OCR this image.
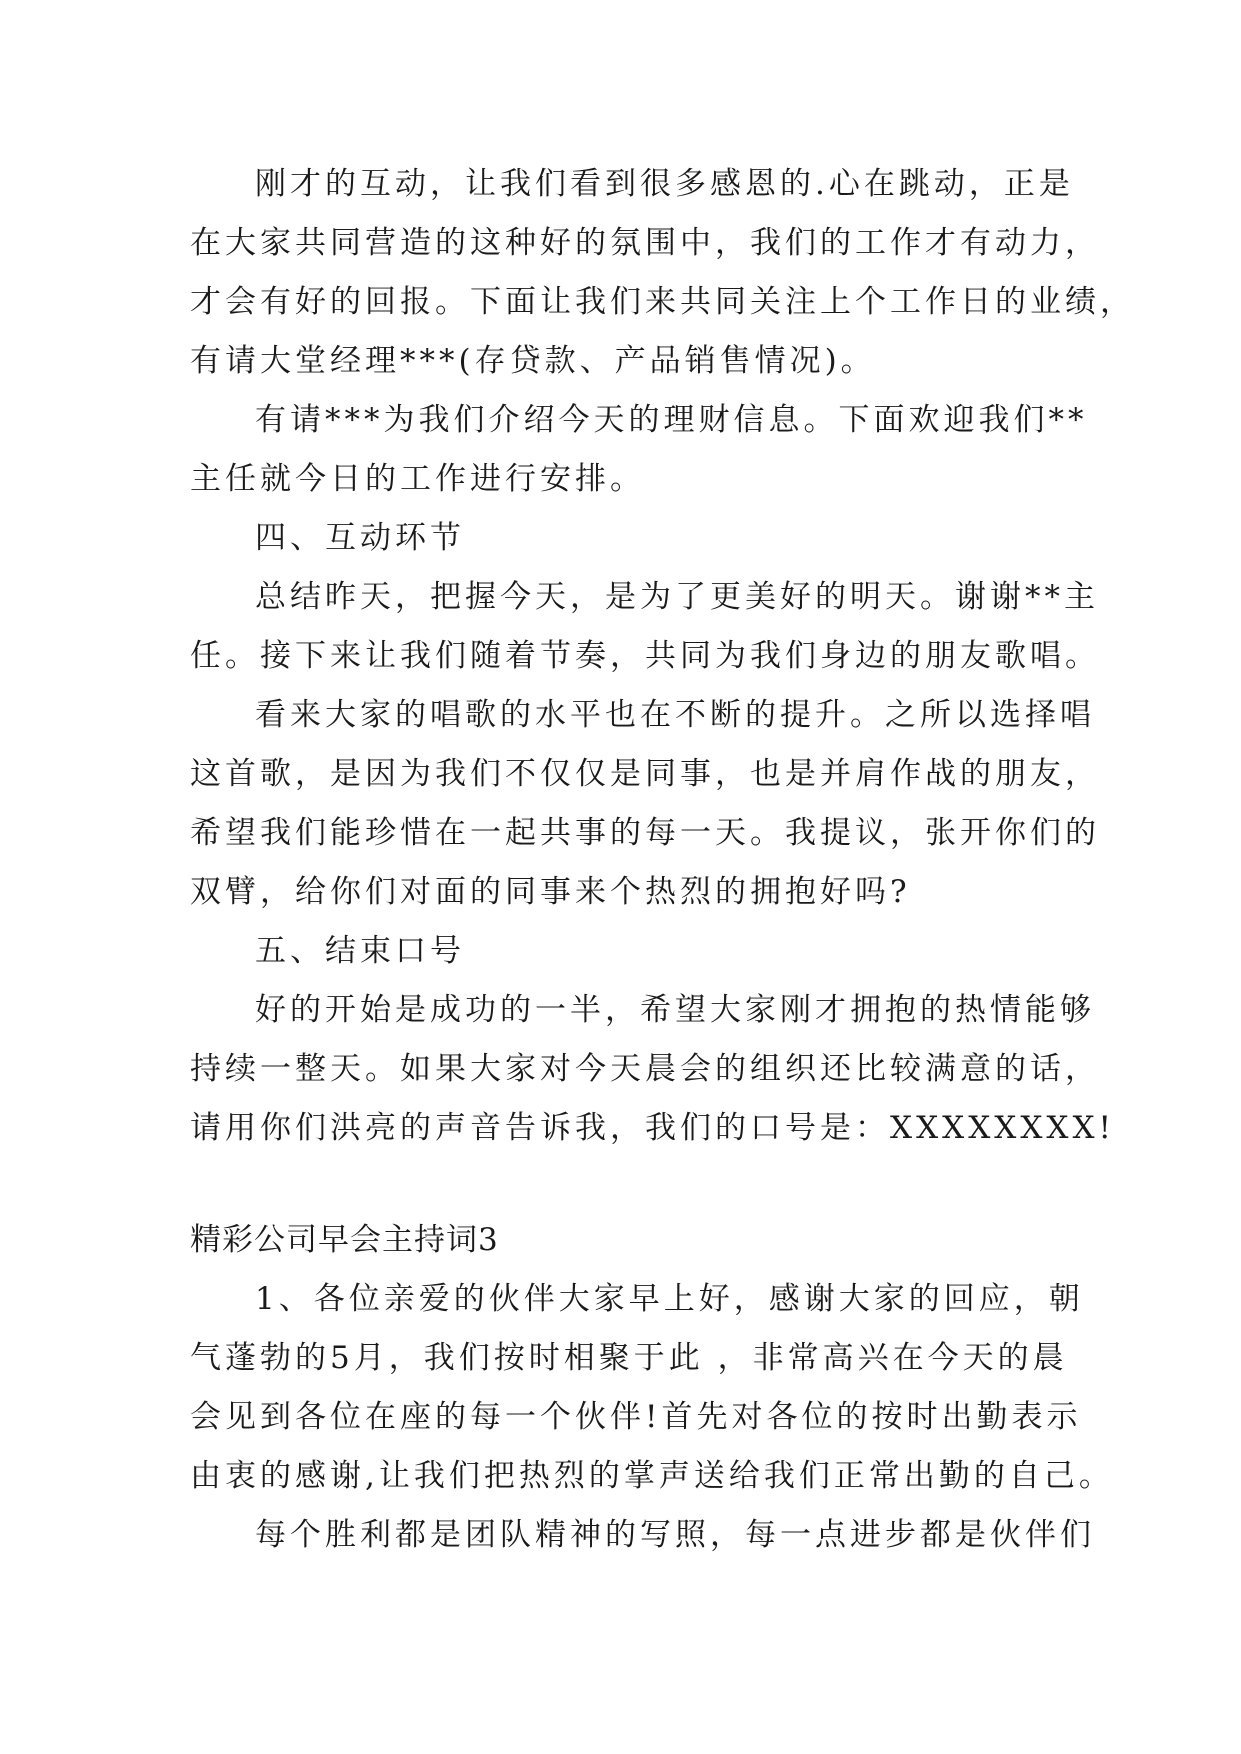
刚才的互动，让我们看到很多感恩的.心在跳动，正是
在大家共同营造的这种好的氛围中，我们的工作才有动力，
才会有好的回报。下面让我们来共同关注上个工作日的业绩，
有请大堂经理***(存贷款、产品销售情况)。
有请***为我们介绍今天的理财信息。下面欢迎我们**
主任就今日的工作进行安排。
四、互动环节
总结昨天，把握今天，是为了更美好的明天。谢谢**主
任。接下来让我们随着节奏，共同为我们身边的朋友歌唱。
看来大家的唱歌的水平也在不断的提升。之所以选择唱
这首歌，是因为我们不仅仅是同事，也是并肩作战的朋友，
希望我们能珍惜在一起共事的每一天。我提议，张开你们的
双臂，给你们对面的同事来个热烈的拥抱好吗?
五、结束口号
好的开始是成功的一半，希望大家刚才拥抱的热情能够
持续一整天。如果大家对今天晨会的组织还比较满意的话，
请用你们洪亮的声音告诉我，我们的口号是：XXXXXXXX!
精彩公司早会主持词3
1、各位亲爱的伙伴大家早上好，感谢大家的回应，朝
气蓬勃的5月，我们按时相聚于此 ，非常高兴在今天的晨
会见到各位在座的每一个伙伴!首先对各位的按时出勤表示
由衷的感谢,让我们把热烈的掌声送给我们正常出勤的自己。
每个胜利都是团队精神的写照，每一点进步都是伙伴们
